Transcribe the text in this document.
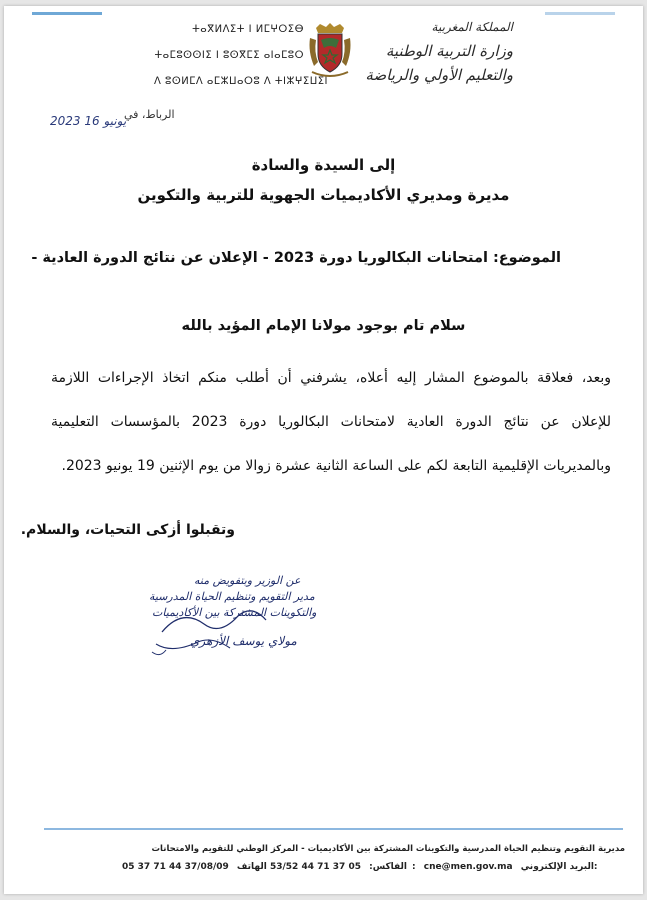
ⵜⴰⴳⵍⴷⵉⵜ ⵏ ⵍⵎⵖⵔⵉⴱ
ⵜⴰⵎⵓⵙⵙⵏⵉ ⵏ ⵓⵙⴳⵎⵉ ⴰⵏⴰⵎⵓⵔ
ⴷ ⵓⵙⵍⵎⴷ ⴰⵎⵣⵡⴰⵔⵓ ⴷ ⵜⵏⵣⵖⵉⵡⵉⵏ
المملكة المغربية
وزارة التربية الوطنية
والتعليم الأولي والرياضة
2023 يونيو 16
الرباط، في
إلى السيدة والسادة
مديرة ومديري الأكاديميات الجهوية للتربية والتكوين
الموضوع: امتحانات البكالوريا دورة 2023 - الإعلان عن نتائج الدورة العادية -
سلام تام بوجود مولانا الإمام المؤيد بالله
وبعد، فعلاقة بالموضوع المشار إليه أعلاه، يشرفني أن أطلب منكم اتخاذ الإجراءات اللازمة
للإعلان عن نتائج الدورة العادية لامتحانات البكالوريا دورة 2023 بالمؤسسات التعليمية
وبالمديريات الإقليمية التابعة لكم على الساعة الثانية عشرة زوالا من يوم الإثنين 19 يونيو 2023.
وتقبلوا أزكى التحيات، والسلام.
عن الوزير وبتفويض منه
مدير التقويم وتنظيم الحياة المدرسية
والتكوينات المشتركة بين الأكاديميات
مولاي يوسف الأزهري
مديرية التقويم وتنظيم الحياة المدرسية والتكوينات المشتركة بين الأكاديميات - المركز الوطني للتقويم والامتحانات
05 37 71 44 37/08/09	الفاكس: 05 37 71 44 53/52 الهاتف: cne@men.gov.ma البريد الإلكتروني:
